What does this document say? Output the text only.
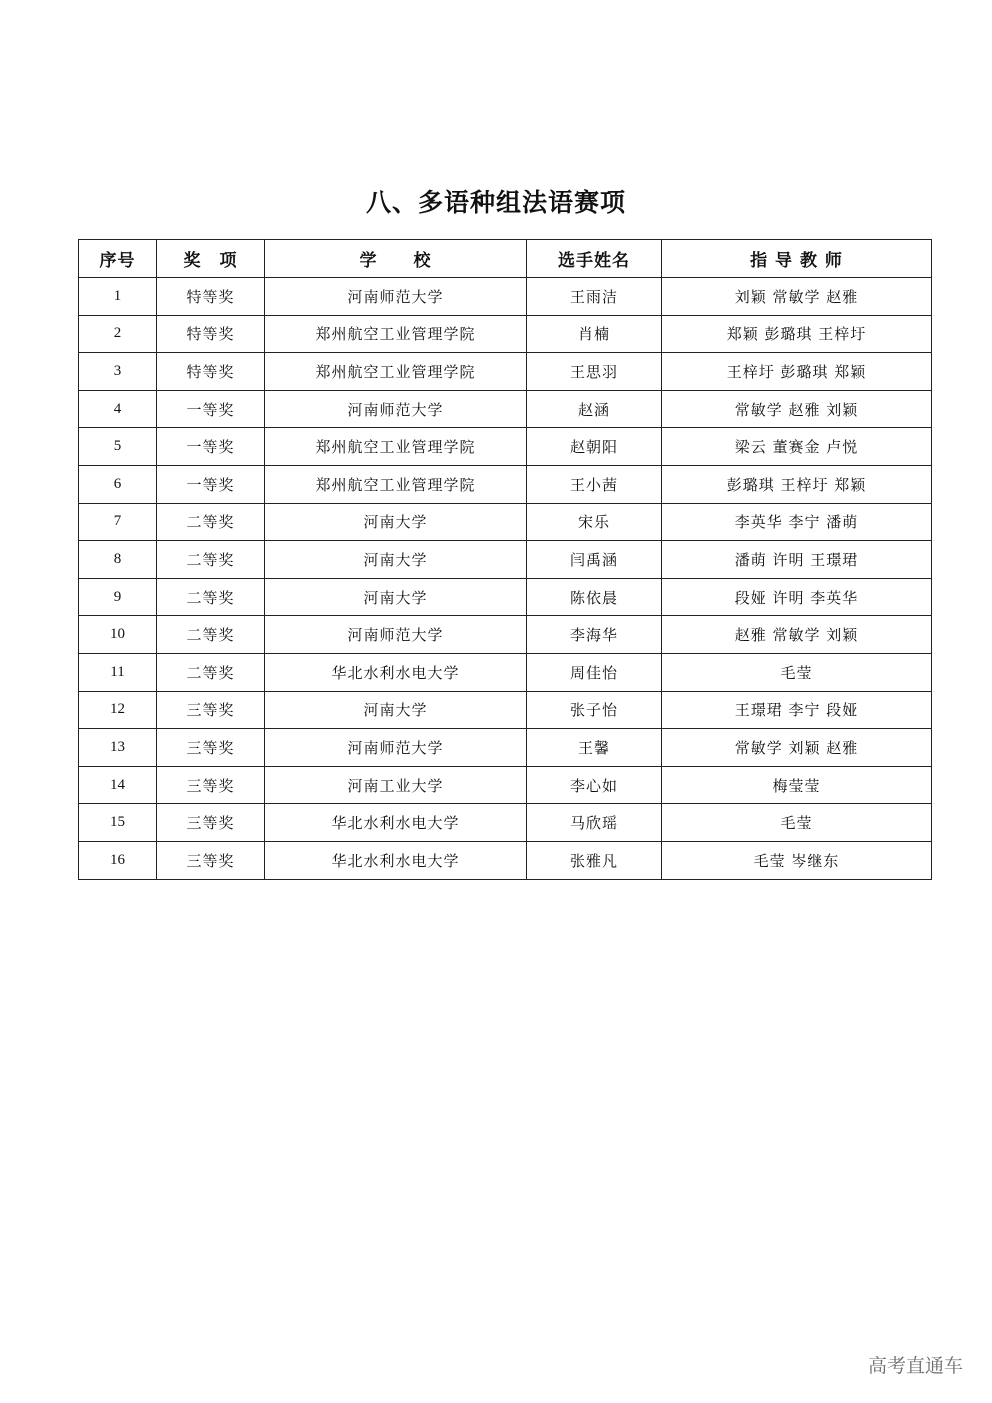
八、多语种组法语赛项
序号	奖　项	学　　校	选手姓名	指 导 教 师
1	特等奖	河南师范大学	王雨洁	刘颖 常敏学 赵雅
2	特等奖	郑州航空工业管理学院	肖楠	郑颖 彭璐琪 王梓圩
3	特等奖	郑州航空工业管理学院	王思羽	王梓圩 彭璐琪 郑颖
4	一等奖	河南师范大学	赵涵	常敏学 赵雅 刘颖
5	一等奖	郑州航空工业管理学院	赵朝阳	梁云 董赛金 卢悦
6	一等奖	郑州航空工业管理学院	王小茜	彭璐琪 王梓圩 郑颖
7	二等奖	河南大学	宋乐	李英华 李宁 潘萌
8	二等奖	河南大学	闫禹涵	潘萌 许明 王璟珺
9	二等奖	河南大学	陈依晨	段娅 许明 李英华
10	二等奖	河南师范大学	李海华	赵雅 常敏学 刘颖
11	二等奖	华北水利水电大学	周佳怡	毛莹
12	三等奖	河南大学	张子怡	王璟珺 李宁 段娅
13	三等奖	河南师范大学	王馨	常敏学 刘颖 赵雅
14	三等奖	河南工业大学	李心如	梅莹莹
15	三等奖	华北水利水电大学	马欣瑶	毛莹
16	三等奖	华北水利水电大学	张雅凡	毛莹 岑继东
高考直通车
